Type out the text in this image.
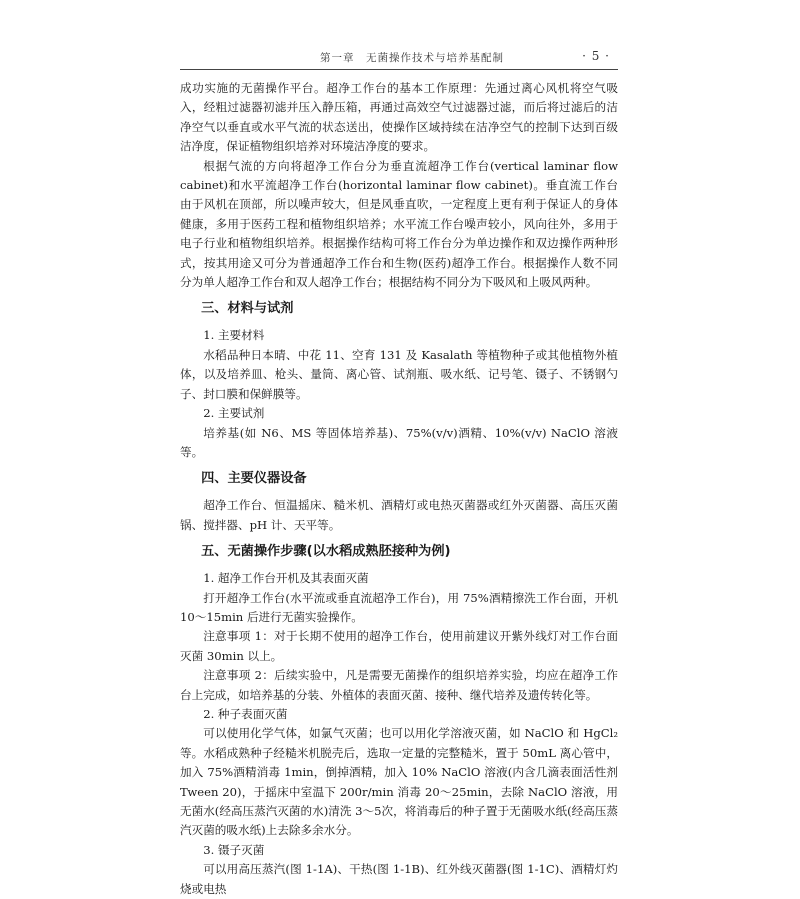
第一章　无菌操作技术与培养基配制	· 5 ·

成功实施的无菌操作平台。超净工作台的基本工作原理：先通过离心风机将空气吸入，经粗过滤器初滤并压入静压箱，再通过高效空气过滤器过滤，而后将过滤后的洁净空气以垂直或水平气流的状态送出，使操作区域持续在洁净空气的控制下达到百级洁净度，保证植物组织培养对环境洁净度的要求。

根据气流的方向将超净工作台分为垂直流超净工作台(vertical laminar flow cabinet)和水平流超净工作台(horizontal laminar flow cabinet)。垂直流工作台由于风机在顶部，所以噪声较大，但是风垂直吹，一定程度上更有利于保证人的身体健康，多用于医药工程和植物组织培养；水平流工作台噪声较小，风向往外，多用于电子行业和植物组织培养。根据操作结构可将工作台分为单边操作和双边操作两种形式，按其用途又可分为普通超净工作台和生物(医药)超净工作台。根据操作人数不同分为单人超净工作台和双人超净工作台；根据结构不同分为下吸风和上吸风两种。

三、材料与试剂

1. 主要材料

水稻品种日本晴、中花 11、空育 131 及 Kasalath 等植物种子或其他植物外植体，以及培养皿、枪头、量筒、离心管、试剂瓶、吸水纸、记号笔、镊子、不锈钢勺子、封口膜和保鲜膜等。

2. 主要试剂

培养基(如 N6、MS 等固体培养基)、75%(v/v)酒精、10%(v/v) NaClO 溶液等。

四、主要仪器设备

超净工作台、恒温摇床、糙米机、酒精灯或电热灭菌器或红外灭菌器、高压灭菌锅、搅拌器、pH 计、天平等。

五、无菌操作步骤(以水稻成熟胚接种为例)

1. 超净工作台开机及其表面灭菌

打开超净工作台(水平流或垂直流超净工作台)，用 75%酒精擦洗工作台面，开机 10～15min 后进行无菌实验操作。

注意事项 1：对于长期不使用的超净工作台，使用前建议开紫外线灯对工作台面灭菌 30min 以上。

注意事项 2：后续实验中，凡是需要无菌操作的组织培养实验，均应在超净工作台上完成，如培养基的分装、外植体的表面灭菌、接种、继代培养及遗传转化等。

2. 种子表面灭菌

可以使用化学气体，如氯气灭菌；也可以用化学溶液灭菌，如 NaClO 和 HgCl₂ 等。水稻成熟种子经糙米机脱壳后，选取一定量的完整糙米，置于 50mL 离心管中，加入 75%酒精消毒 1min，倒掉酒精，加入 10% NaClO 溶液(内含几滴表面活性剂 Tween 20)，于摇床中室温下 200r/min 消毒 20～25min，去除 NaClO 溶液，用无菌水(经高压蒸汽灭菌的水)清洗 3～5次，将消毒后的种子置于无菌吸水纸(经高压蒸汽灭菌的吸水纸)上去除多余水分。

3. 镊子灭菌

可以用高压蒸汽(图 1-1A)、干热(图 1-1B)、红外线灭菌器(图 1-1C)、酒精灯灼烧或电热
